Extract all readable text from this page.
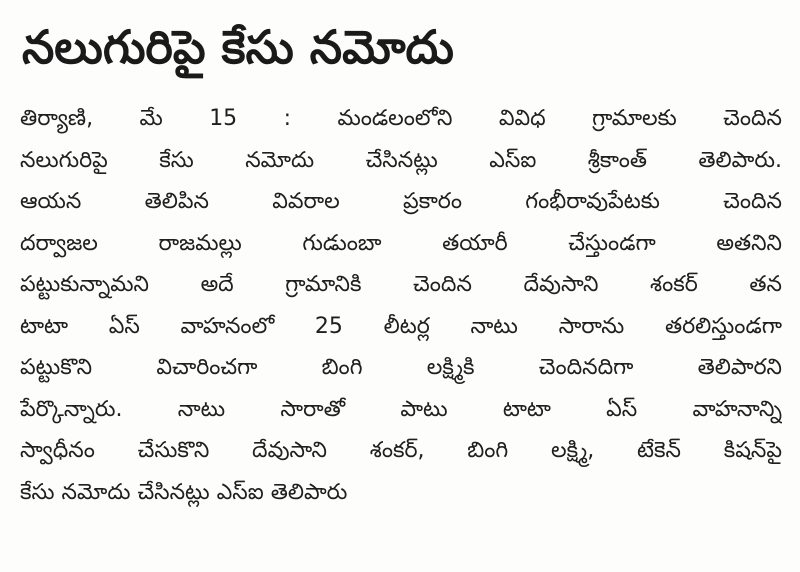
నలుగురిపై కేసు నమోదు
తిర్యాణి, మే 15 : మండలంలోని వివిధ గ్రామాలకు చెందిన
నలుగురిపై కేసు నమోదు చేసినట్లు ఎస్ఐ శ్రీకాంత్ తెలిపారు.
ఆయన తెలిపిన వివరాల ప్రకారం గంభీరావుపేటకు చెందిన
దర్వాజల రాజమల్లు గుడుంబా తయారీ చేస్తుండగా అతనిని
పట్టుకున్నామని అదే గ్రామానికి చెందిన దేవుసాని శంకర్ తన
టాటా ఏస్ వాహనంలో 25 లీటర్ల నాటు సారాను తరలిస్తుండగా
పట్టుకొని విచారించగా బింగి లక్ష్మికి చెందినదిగా తెలిపారని
పేర్కొన్నారు. నాటు సారాతో పాటు టాటా ఏస్ వాహనాన్ని
స్వాధీనం చేసుకొని దేవుసాని శంకర్, బింగి లక్ష్మి, టేకెన్ కిషన్‌పై
కేసు నమోదు చేసినట్లు ఎస్ఐ తెలిపారు
